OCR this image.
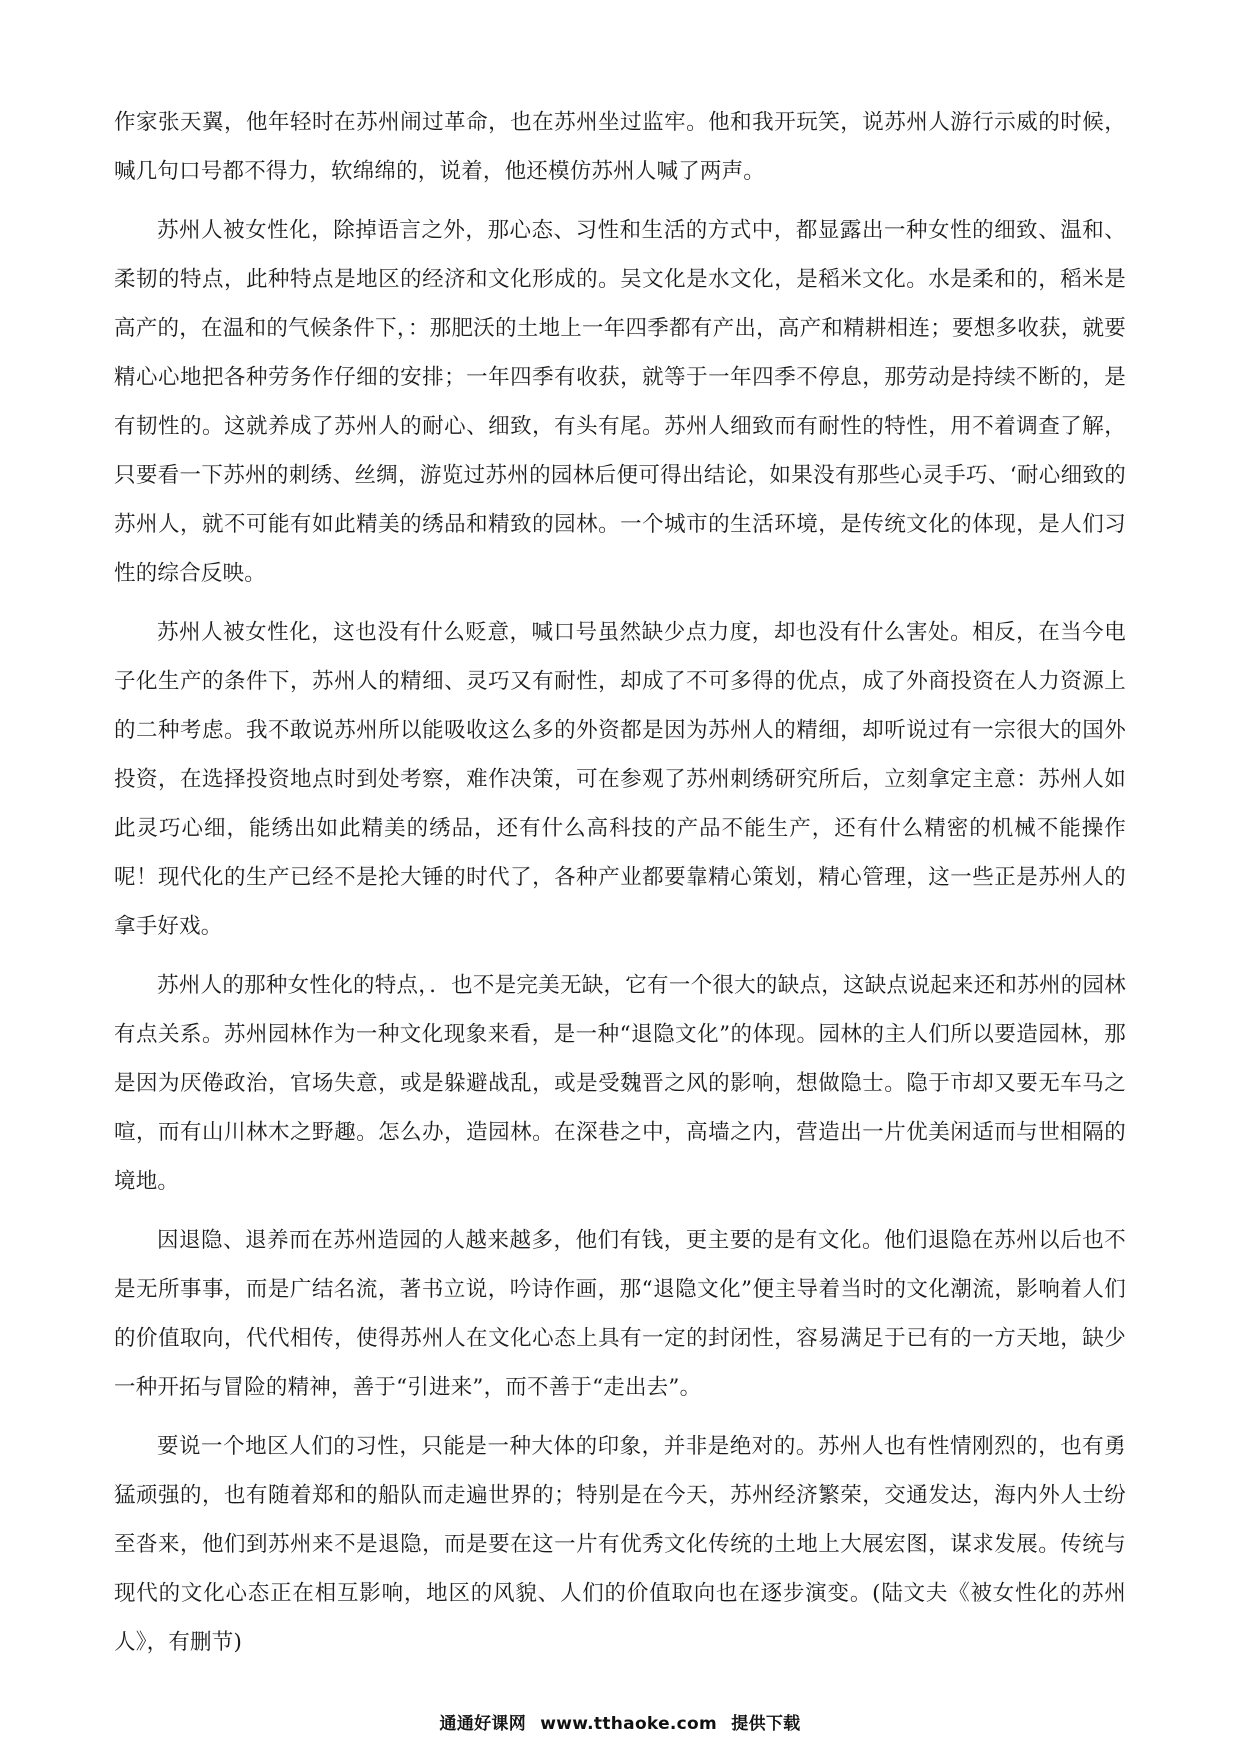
作家张天翼，他年轻时在苏州闹过革命，也在苏州坐过监牢。他和我开玩笑，说苏州人游行示威的时候，喊几句口号都不得力，软绵绵的，说着，他还模仿苏州人喊了两声。

苏州人被女性化，除掉语言之外，那心态、习性和生活的方式中，都显露出一种女性的细致、温和、柔韧的特点，此种特点是地区的经济和文化形成的。吴文化是水文化，是稻米文化。水是柔和的，稻米是高产的，在温和的气候条件下，：那肥沃的土地上一年四季都有产出，高产和精耕相连；要想多收获，就要精心心地把各种劳务作仔细的安排；一年四季有收获，就等于一年四季不停息，那劳动是持续不断的，是有韧性的。这就养成了苏州人的耐心、细致，有头有尾。苏州人细致而有耐性的特性，用不着调查了解，只要看一下苏州的刺绣、丝绸，游览过苏州的园林后便可得出结论，如果没有那些心灵手巧、‘耐心细致的苏州人，就不可能有如此精美的绣品和精致的园林。一个城市的生活环境，是传统文化的体现，是人们习性的综合反映。

苏州人被女性化，这也没有什么贬意，喊口号虽然缺少点力度，却也没有什么害处。相反，在当今电子化生产的条件下，苏州人的精细、灵巧又有耐性，却成了不可多得的优点，成了外商投资在人力资源上的二种考虑。我不敢说苏州所以能吸收这么多的外资都是因为苏州人的精细，却听说过有一宗很大的国外投资，在选择投资地点时到处考察，难作决策，可在参观了苏州刺绣研究所后，立刻拿定主意：苏州人如此灵巧心细，能绣出如此精美的绣品，还有什么高科技的产品不能生产，还有什么精密的机械不能操作呢！现代化的生产已经不是抡大锤的时代了，各种产业都要靠精心策划，精心管理，这一些正是苏州人的拿手好戏。

苏州人的那种女性化的特点，．也不是完美无缺，它有一个很大的缺点，这缺点说起来还和苏州的园林有点关系。苏州园林作为一种文化现象来看，是一种“退隐文化”的体现。园林的主人们所以要造园林，那是因为厌倦政治，官场失意，或是躲避战乱，或是受魏晋之风的影响，想做隐士。隐于市却又要无车马之喧，而有山川林木之野趣。怎么办，造园林。在深巷之中，高墙之内，营造出一片优美闲适而与世相隔的境地。

因退隐、退养而在苏州造园的人越来越多，他们有钱，更主要的是有文化。他们退隐在苏州以后也不是无所事事，而是广结名流，著书立说，吟诗作画，那“退隐文化”便主导着当时的文化潮流，影响着人们的价值取向，代代相传，使得苏州人在文化心态上具有一定的封闭性，容易满足于已有的一方天地，缺少一种开拓与冒险的精神，善于“引进来”，而不善于“走出去”。

要说一个地区人们的习性，只能是一种大体的印象，并非是绝对的。苏州人也有性情刚烈的，也有勇猛顽强的，也有随着郑和的船队而走遍世界的；特别是在今天，苏州经济繁荣，交通发达，海内外人士纷至沓来，他们到苏州来不是退隐，而是要在这一片有优秀文化传统的土地上大展宏图，谋求发展。传统与现代的文化心态正在相互影响，地区的风貌、人们的价值取向也在逐步演变。(陆文夫《被女性化的苏州人》，有删节)

通通好课网 www.tthaoke.com 提供下载
